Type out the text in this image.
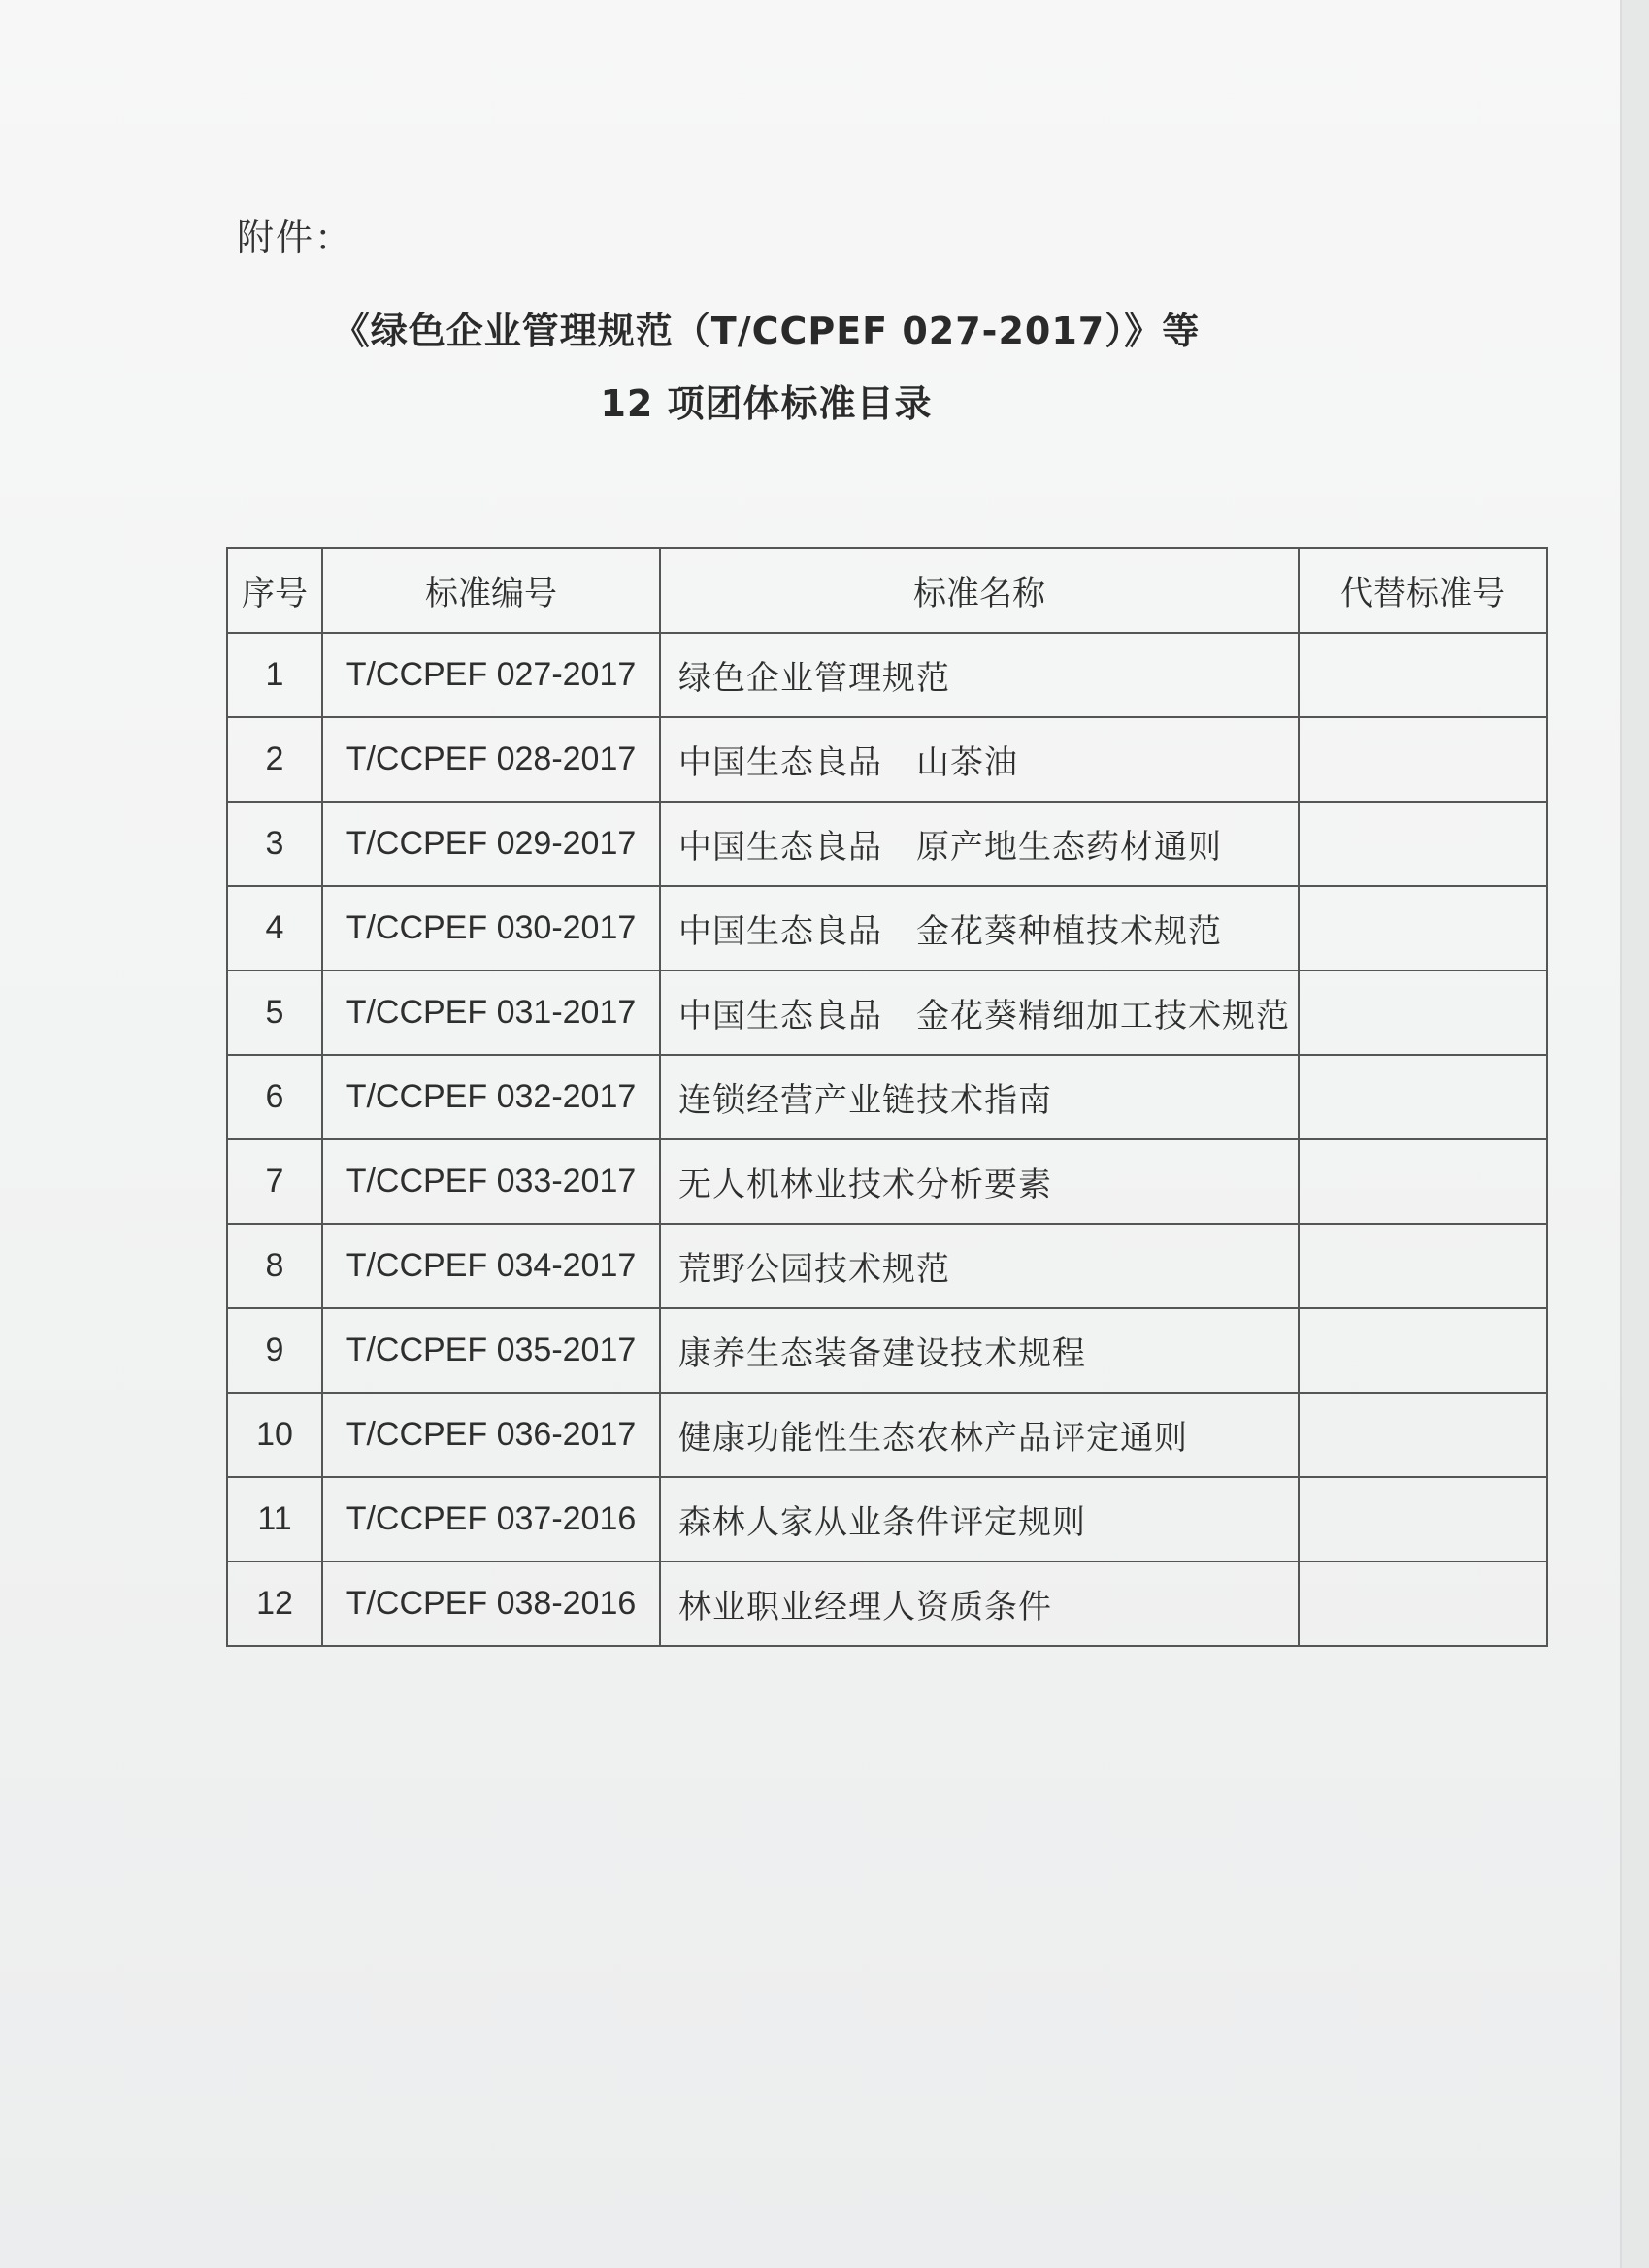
附件：
《绿色企业管理规范（T/CCPEF 027-2017）》等
12 项团体标准目录
序号	标准编号	标准名称	代替标准号
1	T/CCPEF 027-2017	绿色企业管理规范	
2	T/CCPEF 028-2017	中国生态良品　山茶油	
3	T/CCPEF 029-2017	中国生态良品　原产地生态药材通则	
4	T/CCPEF 030-2017	中国生态良品　金花葵种植技术规范	
5	T/CCPEF 031-2017	中国生态良品　金花葵精细加工技术规范	
6	T/CCPEF 032-2017	连锁经营产业链技术指南	
7	T/CCPEF 033-2017	无人机林业技术分析要素	
8	T/CCPEF 034-2017	荒野公园技术规范	
9	T/CCPEF 035-2017	康养生态装备建设技术规程	
10	T/CCPEF 036-2017	健康功能性生态农林产品评定通则	
11	T/CCPEF 037-2016	森林人家从业条件评定规则	
12	T/CCPEF 038-2016	林业职业经理人资质条件	
